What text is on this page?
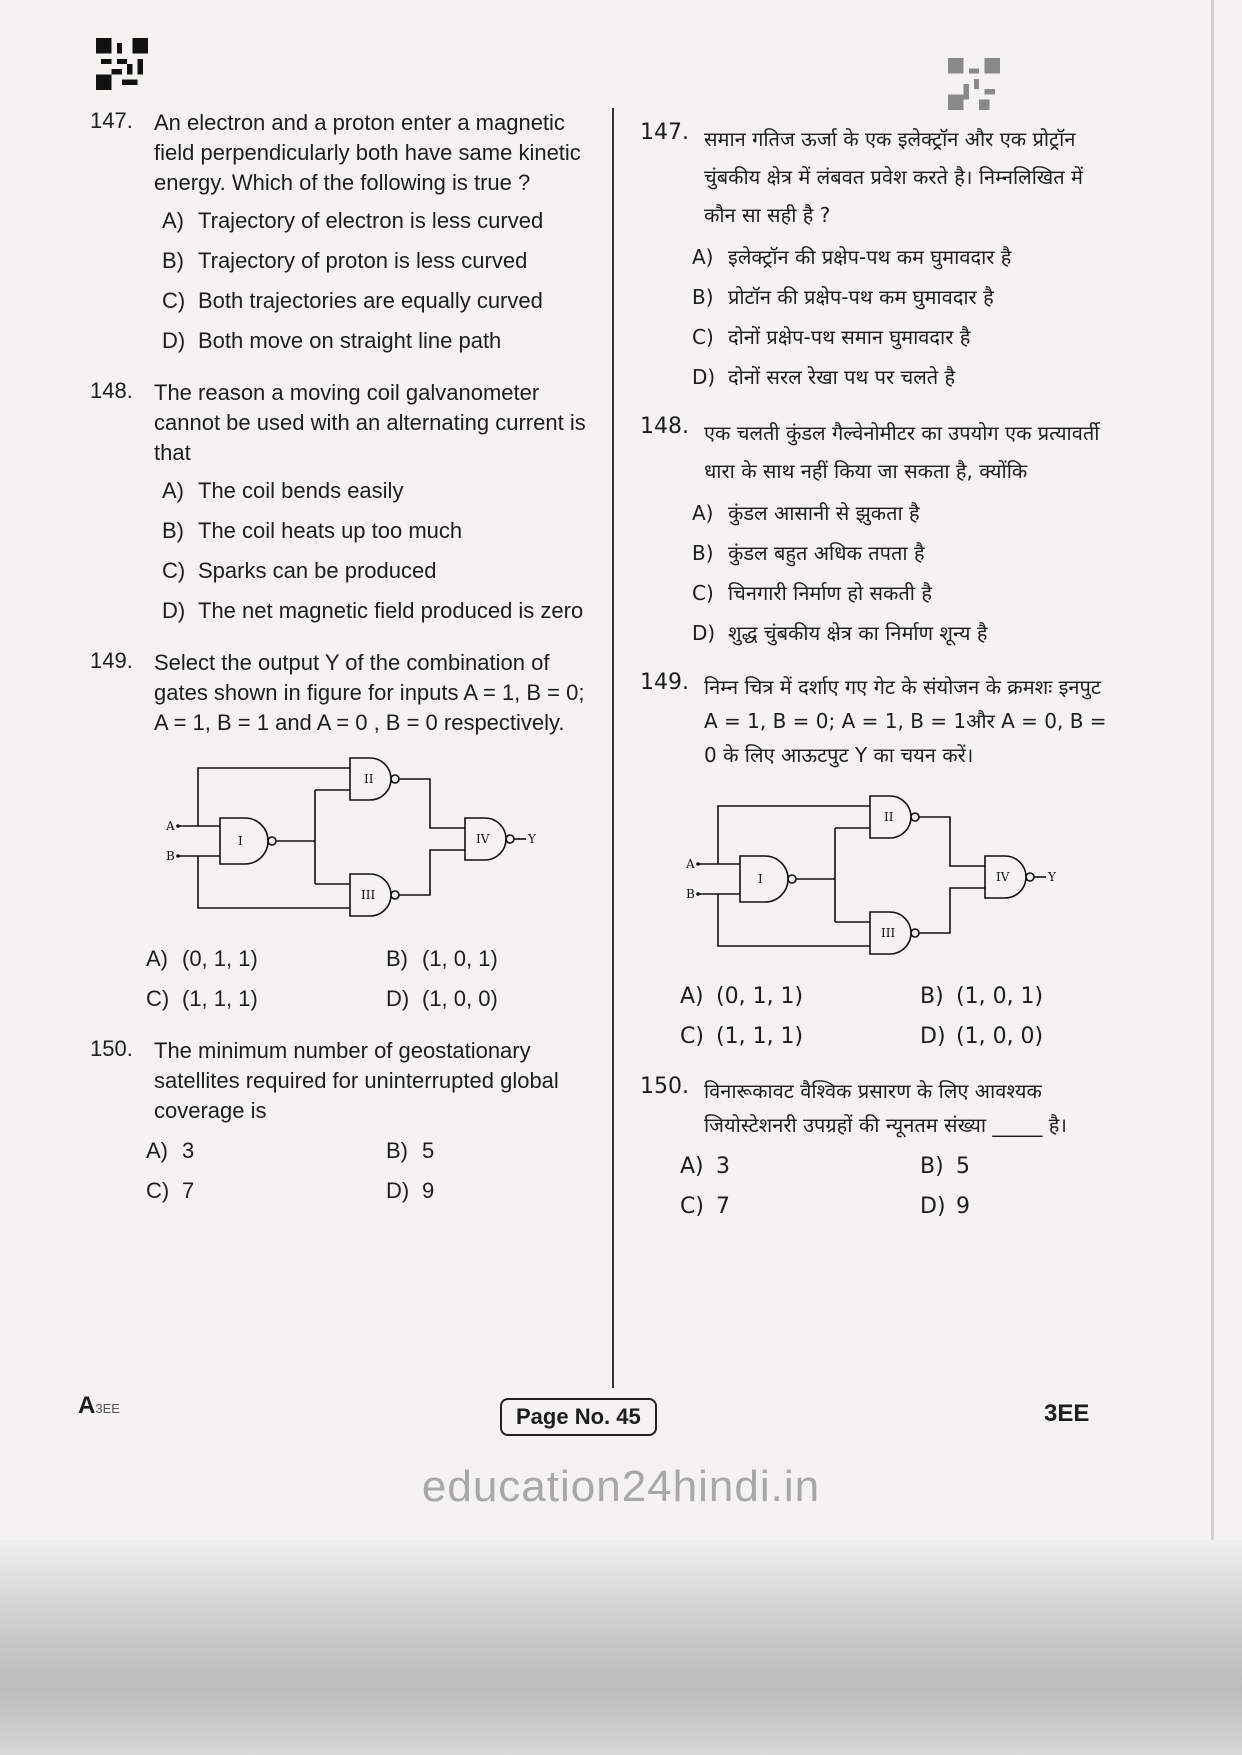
147. An electron and a proton enter a magnetic field perpendicularly both have same kinetic energy. Which of the following is true ?
A) Trajectory of electron is less curved
B) Trajectory of proton is less curved
C) Both trajectories are equally curved
D) Both move on straight line path
148. The reason a moving coil galvanometer cannot be used with an alternating current is that
A) The coil bends easily
B) The coil heats up too much
C) Sparks can be produced
D) The net magnetic field produced is zero
149. Select the output Y of the combination of gates shown in figure for inputs A = 1, B = 0; A = 1, B = 1 and A = 0 , B = 0 respectively.
A
B
Y
I
II
III
IV
A) (0, 1, 1)	B) (1, 0, 1)
C) (1, 1, 1)	D) (1, 0, 0)
150. The minimum number of geostationary satellites required for uninterrupted global coverage is
A) 3	B) 5
C) 7	D) 9
147. समान गतिज ऊर्जा के एक इलेक्ट्रॉन और एक प्रोट्रॉन चुंबकीय क्षेत्र में लंबवत प्रवेश करते है। निम्नलिखित में कौन सा सही है ?
A) इलेक्ट्रॉन की प्रक्षेप-पथ कम घुमावदार है
B) प्रोटॉन की प्रक्षेप-पथ कम घुमावदार है
C) दोनों प्रक्षेप-पथ समान घुमावदार है
D) दोनों सरल रेखा पथ पर चलते है
148. एक चलती कुंडल गैल्वेनोमीटर का उपयोग एक प्रत्यावर्ती धारा के साथ नहीं किया जा सकता है, क्योंकि
A) कुंडल आसानी से झुकता है
B) कुंडल बहुत अधिक तपता है
C) चिनगारी निर्माण हो सकती है
D) शुद्ध चुंबकीय क्षेत्र का निर्माण शून्य है
149. निम्न चित्र में दर्शाए गए गेट के संयोजन के क्रमशः इनपुट A = 1, B = 0; A = 1, B = 1और A = 0, B = 0 के लिए आऊटपुट Y का चयन करें।
A
B
Y
I
II
III
IV
A) (0, 1, 1)	B) (1, 0, 1)
C) (1, 1, 1)	D) (1, 0, 0)
150. विनारूकावट वैश्विक प्रसारण के लिए आवश्यक जियोस्टेशनरी उपग्रहों की न्यूनतम संख्या _____ है।
A) 3	B) 5
C) 7	D) 9
A3EE	Page No. 45	3EE
education24hindi.in
